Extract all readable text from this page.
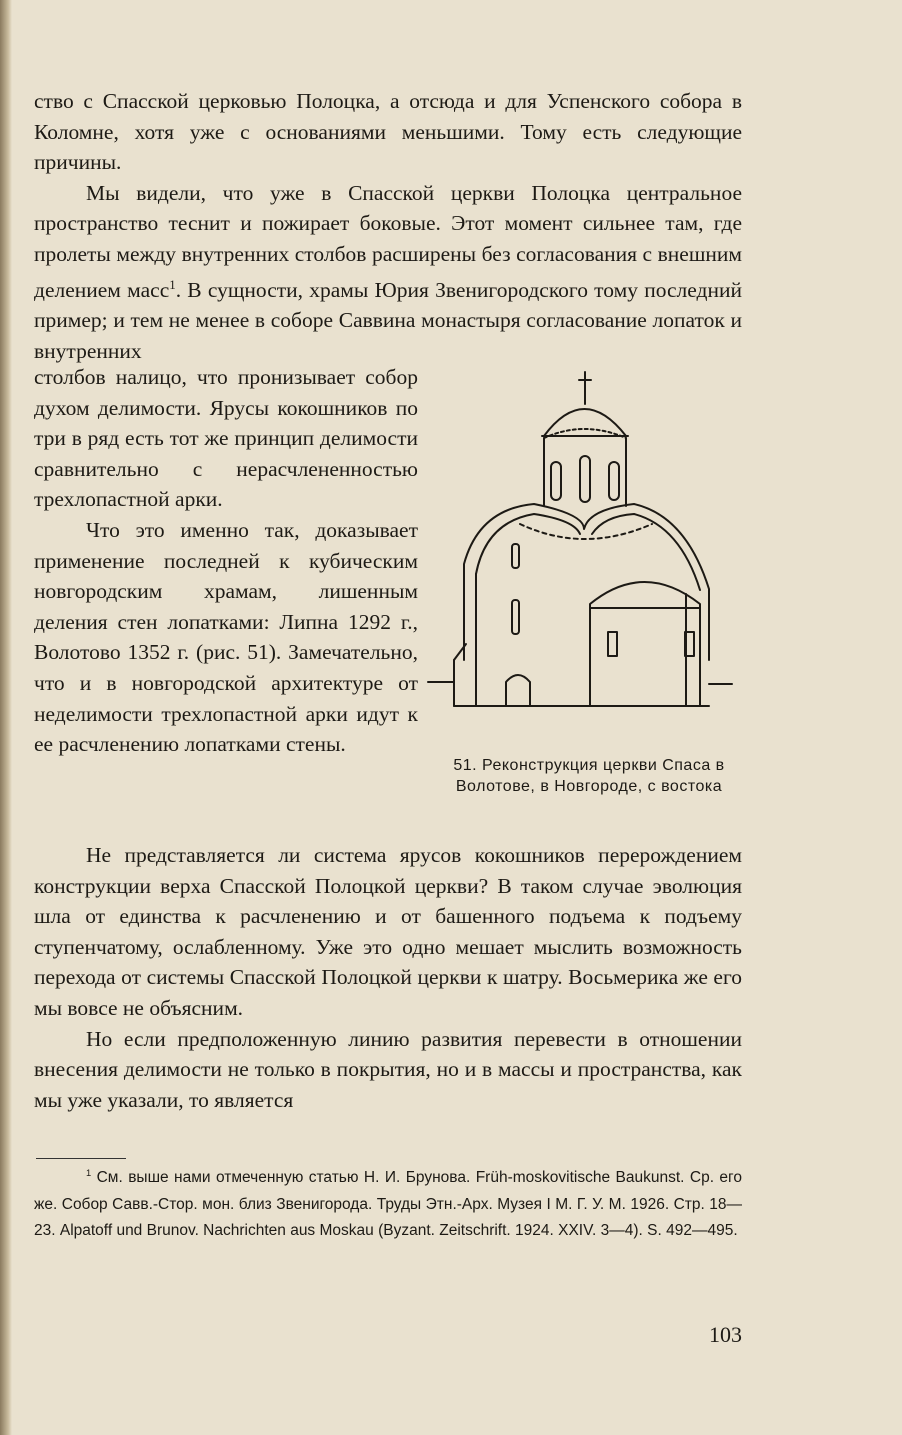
ство с Спасской церковью Полоцка, а отсюда и для Успенского собора в Коломне, хотя уже с основаниями меньшими. Тому есть следующие причины.

Мы видели, что уже в Спасской церкви Полоцка центральное пространство теснит и пожирает боковые. Этот момент сильнее там, где пролеты между внутренних столбов расширены без согласования с внешним делением масс$^1$. В сущности, храмы Юрия Звенигородского тому последний пример; и тем не менее в соборе Саввина монастыря согласование лопаток и внутренних

столбов налицо, что пронизывает собор духом делимости. Ярусы кокошников по три в ряд есть тот же принцип делимости сравнительно с нерасчлененностью трехлопастной арки.

Что это именно так, доказывает применение последней к кубическим новгородским храмам, лишенным деления стен лопатками: Липна 1292 г., Волотово 1352 г. (рис. 51). Замечательно, что и в новгородской архитектуре от неделимости трехлопастной арки идут к ее расчленению лопатками стены.

51. Реконструкция церкви Спаса в Волотове, в Новгороде, с востока

Не представляется ли система ярусов кокошников перерождением конструкции верха Спасской Полоцкой церкви? В таком случае эволюция шла от единства к расчленению и от башенного подъема к подъему ступенчатому, ослабленному. Уже это одно мешает мыслить возможность перехода от системы Спасской Полоцкой церкви к шатру. Восьмерика же его мы вовсе не объясним.

Но если предположенную линию развития перевести в отношении внесения делимости не только в покрытия, но и в массы и пространства, как мы уже указали, то является

$^1$ См. выше нами отмеченную статью Н. И. Брунова. Früh-moskovitische Baukunst. Ср. его же. Собор Савв.-Стор. мон. близ Звенигорода. Труды Этн.-Арх. Музея I М. Г. У. М. 1926. Стр. 18—23. Alpatoff und Brunov. Nachrichten aus Moskau (Byzant. Zeitschrift. 1924. XXIV. 3—4). S. 492—495.

103
